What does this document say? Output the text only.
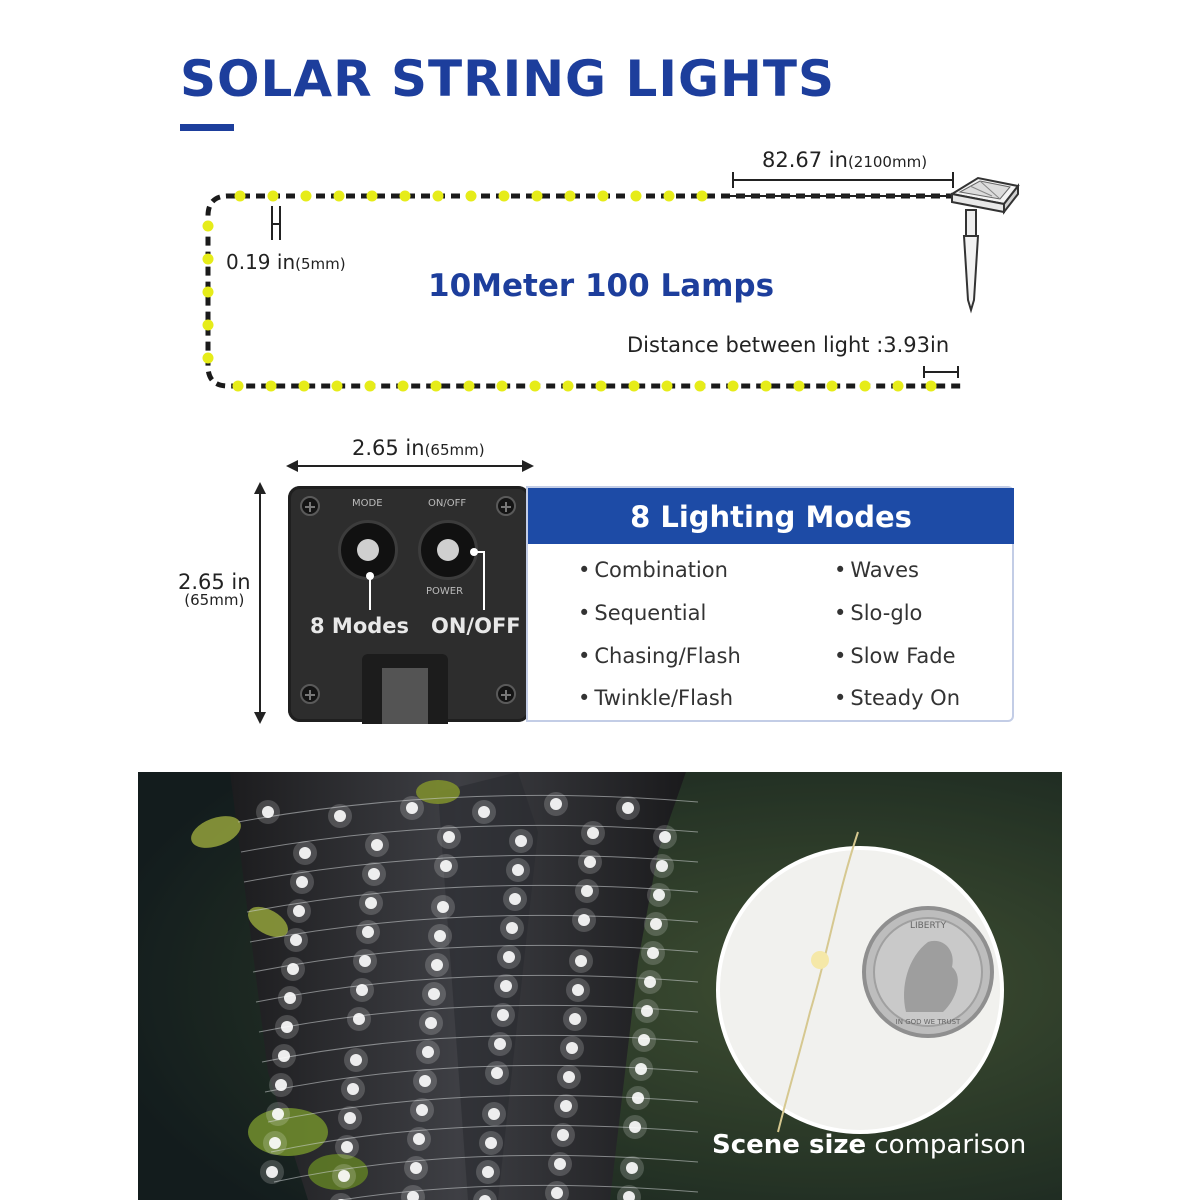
SOLAR STRING LIGHTS
82.67 in(2100mm)
0.19 in(5mm)
10Meter 100 Lamps
Distance between light :3.93in
2.65 in(65mm)
2.65 in
(65mm)
MODE	ON/OFF
POWER
8 Modes ON/OFF
8 Lighting Modes
• Combination
• Sequential
• Chasing/Flash
• Twinkle/Flash
• Waves
• Slo-glo
• Slow Fade
• Steady On
LIBERTY
IN GOD WE TRUST
Scene size comparison
